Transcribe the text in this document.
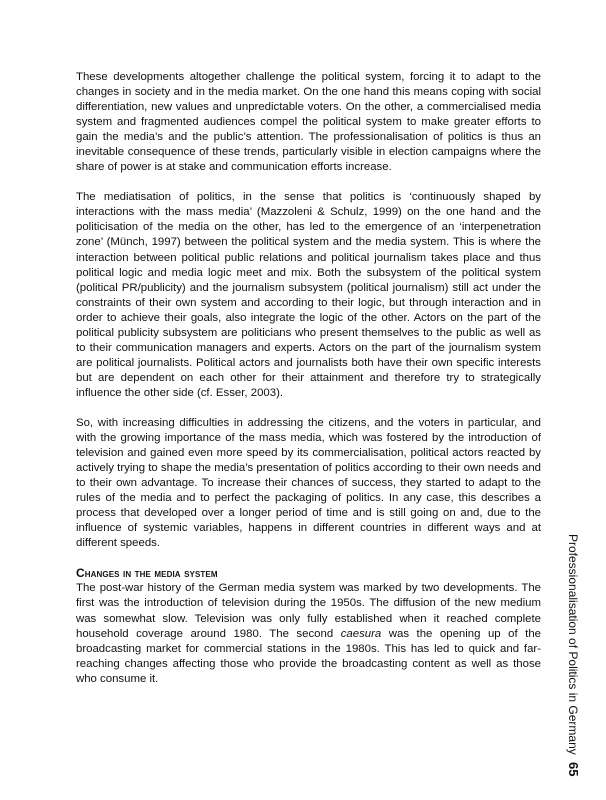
These developments altogether challenge the political system, forcing it to adapt to the changes in society and in the media market. On the one hand this means coping with social differentiation, new values and unpredictable voters. On the other, a commercialised media system and fragmented audiences compel the political system to make greater efforts to gain the media’s and the public’s attention. The professionalisation of politics is thus an inevitable consequence of these trends, particularly visible in election campaigns where the share of power is at stake and communication efforts increase.

The mediatisation of politics, in the sense that politics is ‘continuously shaped by interactions with the mass media’ (Mazzoleni & Schulz, 1999) on the one hand and the politicisation of the media on the other, has led to the emergence of an ‘interpenetration zone’ (Münch, 1997) between the political system and the media system. This is where the interaction between political public relations and political journalism takes place and thus political logic and media logic meet and mix. Both the subsystem of the political system (political PR/publicity) and the journalism subsystem (political journalism) still act under the constraints of their own system and according to their logic, but through interaction and in order to achieve their goals, also integrate the logic of the other. Actors on the part of the political publicity subsystem are politicians who present themselves to the public as well as to their communication managers and experts. Actors on the part of the journalism system are political journalists. Political actors and journalists both have their own specific interests but are dependent on each other for their attainment and therefore try to strategically influence the other side (cf. Esser, 2003).

So, with increasing difficulties in addressing the citizens, and the voters in particular, and with the growing importance of the mass media, which was fostered by the introduction of television and gained even more speed by its commercialisation, political actors reacted by actively trying to shape the media’s presentation of politics according to their own needs and to their own advantage. To increase their chances of success, they started to adapt to the rules of the media and to perfect the packaging of politics. In any case, this describes a process that developed over a longer period of time and is still going on and, due to the influence of systemic variables, happens in different countries in different ways and at different speeds.

Changes in the media system

The post-war history of the German media system was marked by two developments. The first was the introduction of television during the 1950s. The diffusion of the new medium was somewhat slow. Television was only fully established when it reached complete household coverage around 1980. The second caesura was the opening up of the broadcasting market for commercial stations in the 1980s. This has led to quick and far-reaching changes affecting those who provide the broadcasting content as well as those who consume it.	Professionalisation of Politics in Germany
65
